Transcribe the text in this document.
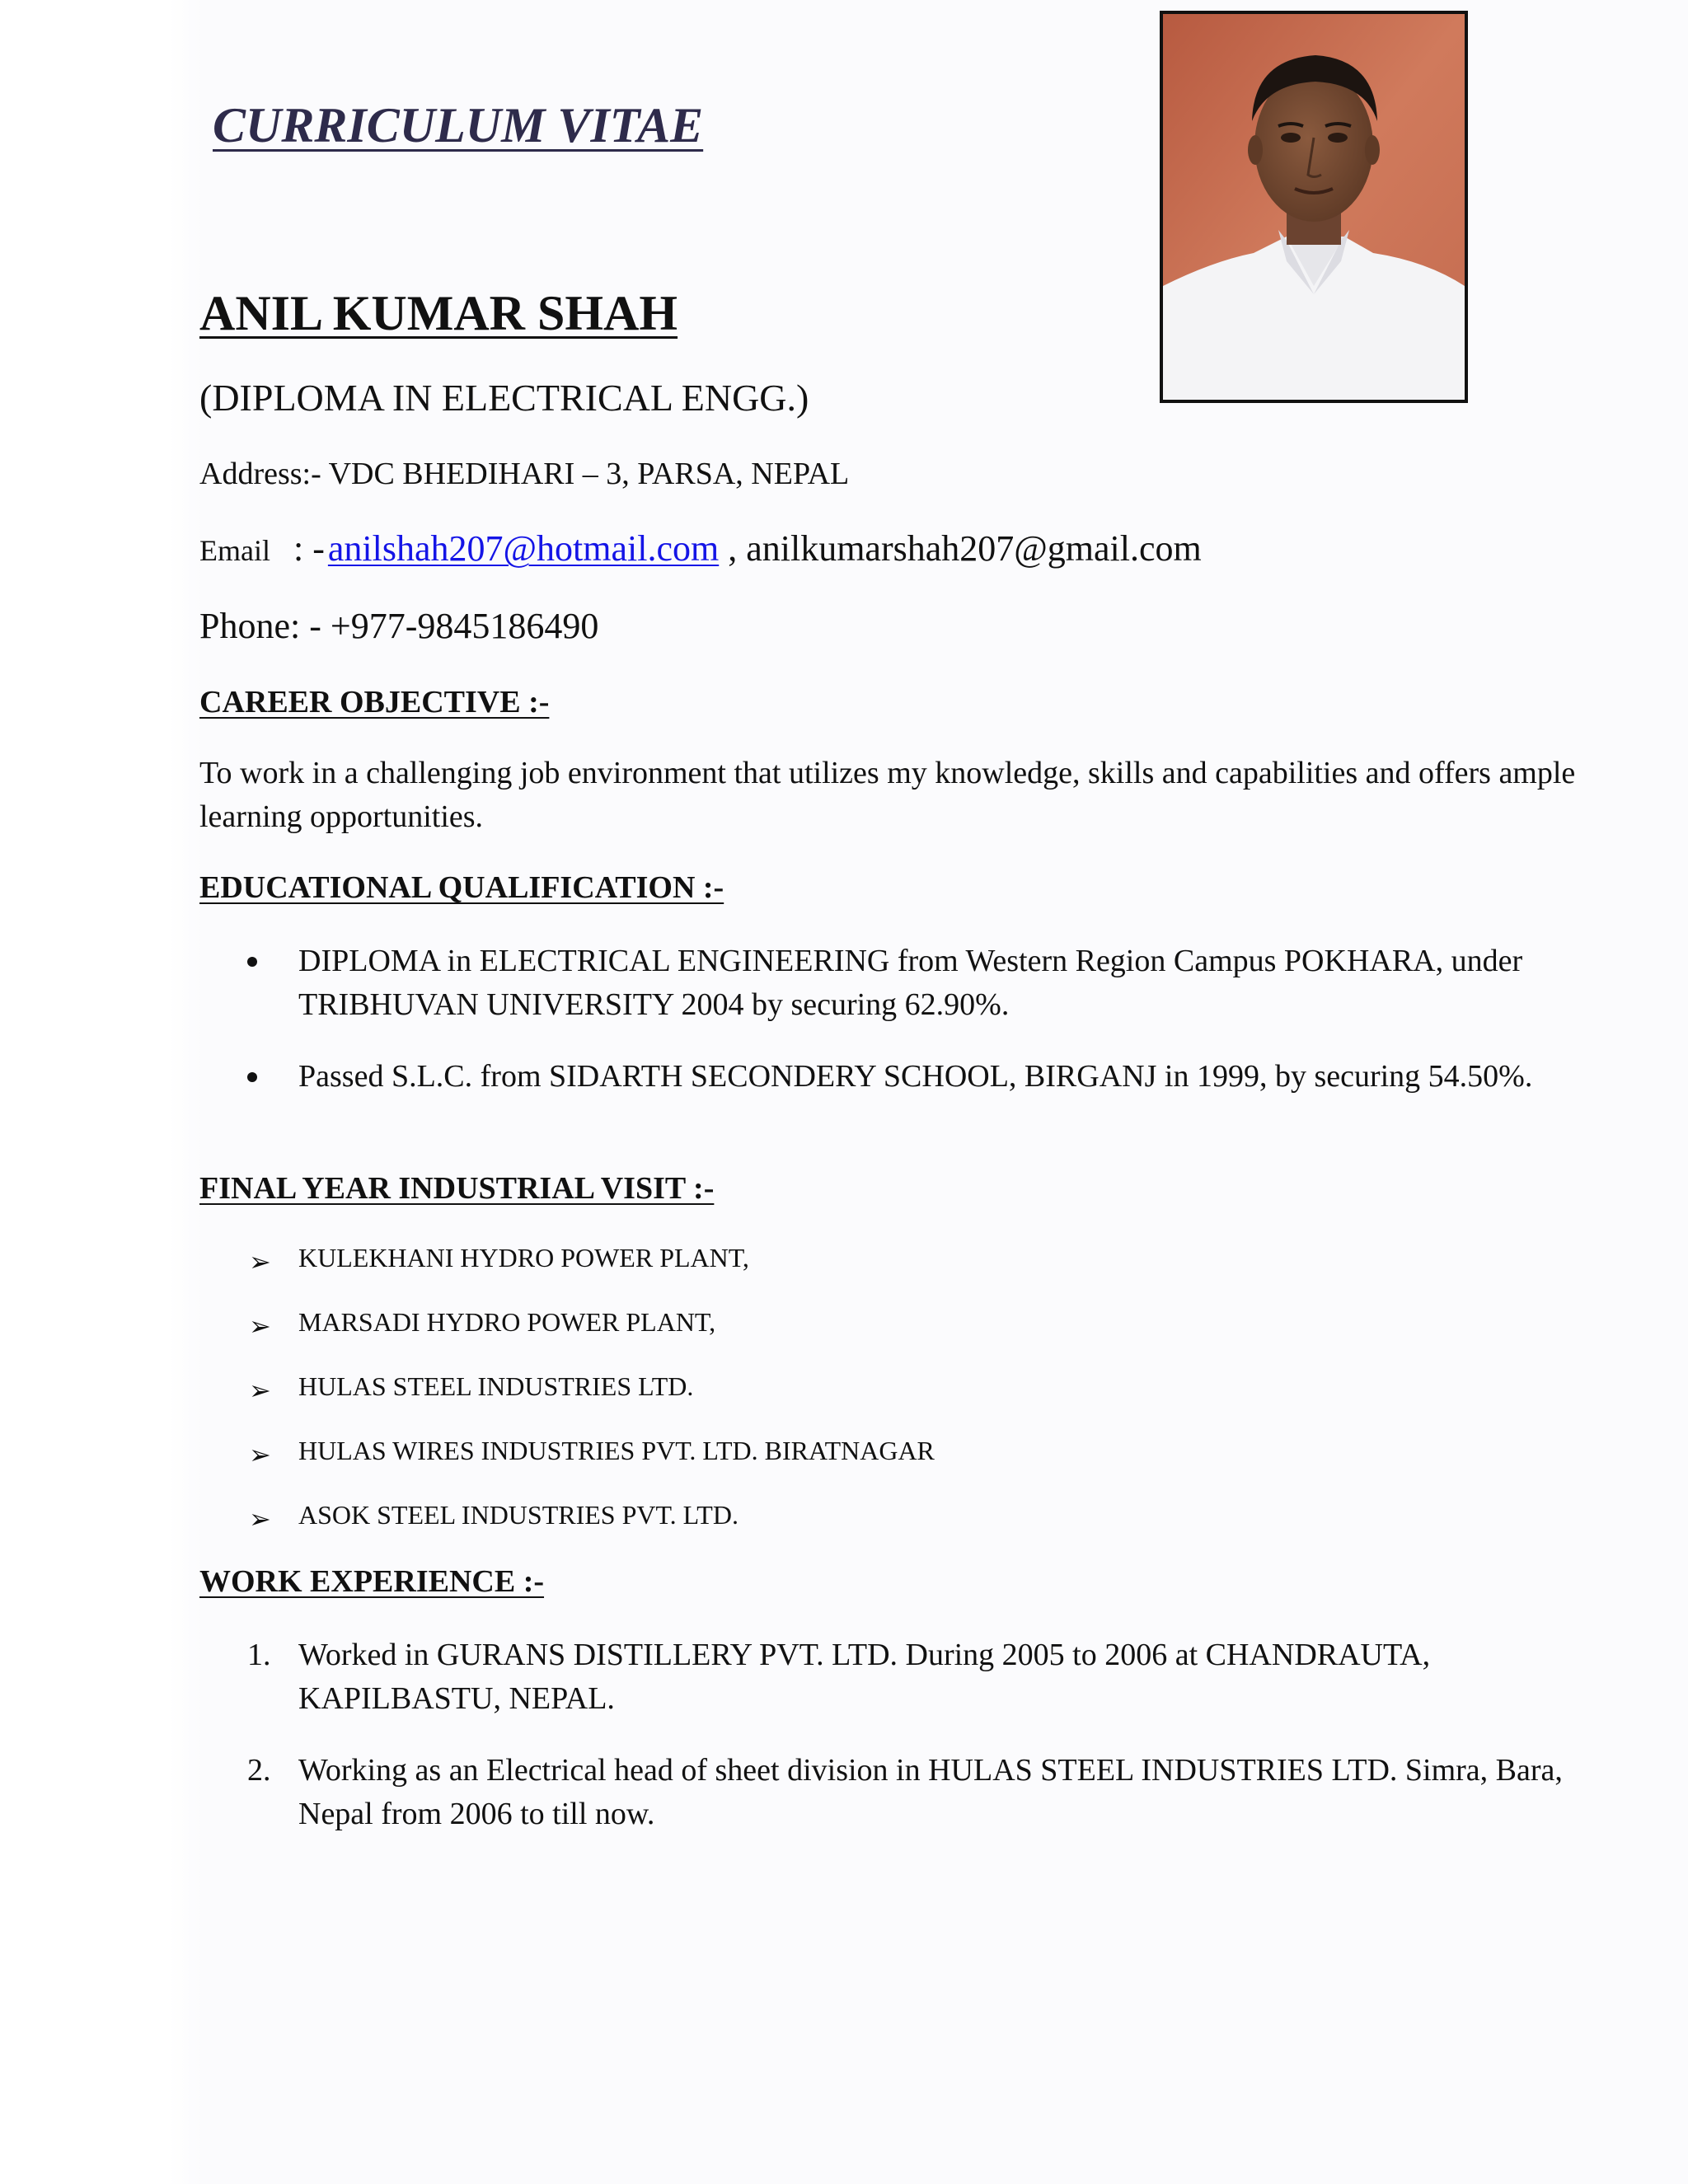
CURRICULUM VITAE
ANIL KUMAR SHAH
(DIPLOMA IN ELECTRICAL ENGG.)
Address:- VDC BHEDIHARI – 3, PARSA, NEPAL
Email : - anilshah207@hotmail.com , anilkumarshah207@gmail.com
Phone: - +977-9845186490
CAREER OBJECTIVE :-
To work in a challenging job environment that utilizes my knowledge, skills and capabilities and offers ample learning opportunities.
EDUCATIONAL QUALIFICATION :-
DIPLOMA in ELECTRICAL ENGINEERING from Western Region Campus POKHARA, under TRIBHUVAN UNIVERSITY 2004 by securing 62.90%.
Passed S.L.C. from SIDARTH SECONDERY SCHOOL, BIRGANJ in 1999, by securing 54.50%.
FINAL YEAR INDUSTRIAL VISIT :-
➢ KULEKHANI HYDRO POWER PLANT,
➢ MARSADI HYDRO POWER PLANT,
➢ HULAS STEEL INDUSTRIES LTD.
➢ HULAS WIRES INDUSTRIES PVT. LTD. BIRATNAGAR
➢ ASOK STEEL INDUSTRIES PVT. LTD.
WORK EXPERIENCE :-
1. Worked in GURANS DISTILLERY PVT. LTD. During 2005 to 2006 at CHANDRAUTA, KAPILBASTU, NEPAL.
2. Working as an Electrical head of sheet division in HULAS STEEL INDUSTRIES LTD. Simra, Bara, Nepal from 2006 to till now.
